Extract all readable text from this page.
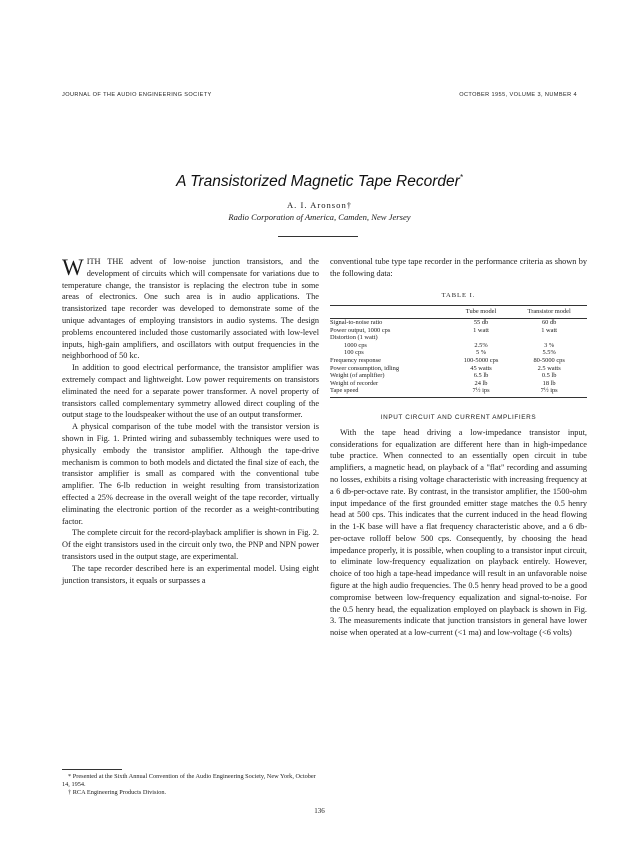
JOURNAL OF THE AUDIO ENGINEERING SOCIETY	OCTOBER 1955, VOLUME 3, NUMBER 4
A Transistorized Magnetic Tape Recorder*
A. I. Aronson†
Radio Corporation of America, Camden, New Jersey

WITH THE advent of low-noise junction transistors, and the development of circuits which will compensate for variations due to temperature change, the transistor is replacing the electron tube in some areas of electronics. One such area is in audio applications. The transistorized tape recorder was developed to demonstrate some of the unique advantages of employing transistors in audio systems. The design problems encountered included those customarily associated with low-level inputs, high-gain amplifiers, and oscillators with output frequencies in the neighborhood of 50 kc.

In addition to good electrical performance, the transistor amplifier was extremely compact and lightweight. Low power requirements on transistors eliminated the need for a separate power transformer. A novel property of transistors called complementary symmetry allowed direct coupling of the output stage to the loudspeaker without the use of an output transformer.

A physical comparison of the tube model with the transistor version is shown in Fig. 1. Printed wiring and subassembly techniques were used to physically embody the transistor amplifier. Although the tape-drive mechanism is common to both models and dictated the final size of each, the transistor amplifier is small as compared with the conventional tube amplifier. The 6-lb reduction in weight resulting from transistorization effected a 25% decrease in the overall weight of the tape recorder, virtually eliminating the electronic portion of the recorder as a weight-contributing factor.

The complete circuit for the record-playback amplifier is shown in Fig. 2. Of the eight transistors used in the circuit only two, the PNP and NPN power transistors used in the output stage, are experimental.

The tape recorder described here is an experimental model. Using eight junction transistors, it equals or surpasses a

conventional tube type tape recorder in the performance criteria as shown by the following data:

TABLE I.
	Tube model	Transistor model
Signal-to-noise ratio	55 db	60 db
Power output, 1000 cps	1 watt	1 watt
Distortion (1 watt)		
1000 cps	2.5%	3 %
100 cps	5 %	5.5%
Frequency response	100-5000 cps	80-5000 cps
Power consumption, idling	45 watts	2.5 watts
Weight (of amplifier)	6.5 lb	0.5 lb
Weight of recorder	24 lb	18 lb
Tape speed	7½ ips	7½ ips
INPUT CIRCUIT AND CURRENT AMPLIFIERS

With the tape head driving a low-impedance transistor input, considerations for equalization are different here than in high-impedance tube practice. When connected to an essentially open circuit in tube amplifiers, a magnetic head, on playback of a "flat" recording and assuming no losses, exhibits a rising voltage characteristic with increasing frequency at a 6 db-per-octave rate. By contrast, in the transistor amplifier, the 1500-ohm input impedance of the first grounded emitter stage matches the 0.5 henry head at 500 cps. This indicates that the current induced in the head flowing in the 1-K base will have a flat frequency characteristic above, and a 6 db-per-octave rolloff below 500 cps. Consequently, by choosing the head impedance properly, it is possible, when coupling to a transistor input circuit, to eliminate low-frequency equalization on playback entirely. However, choice of too high a tape-head impedance will result in an unfavorable noise figure at the high audio frequencies. The 0.5 henry head proved to be a good compromise between low-frequency equalization and signal-to-noise. For the 0.5 henry head, the equalization employed on playback is shown in Fig. 3. The measurements indicate that junction transistors in general have lower noise when operated at a low-current (<1 ma) and low-voltage (<6 volts)

* Presented at the Sixth Annual Convention of the Audio Engineering Society, New York, October 14, 1954.
† RCA Engineering Products Division.
136
